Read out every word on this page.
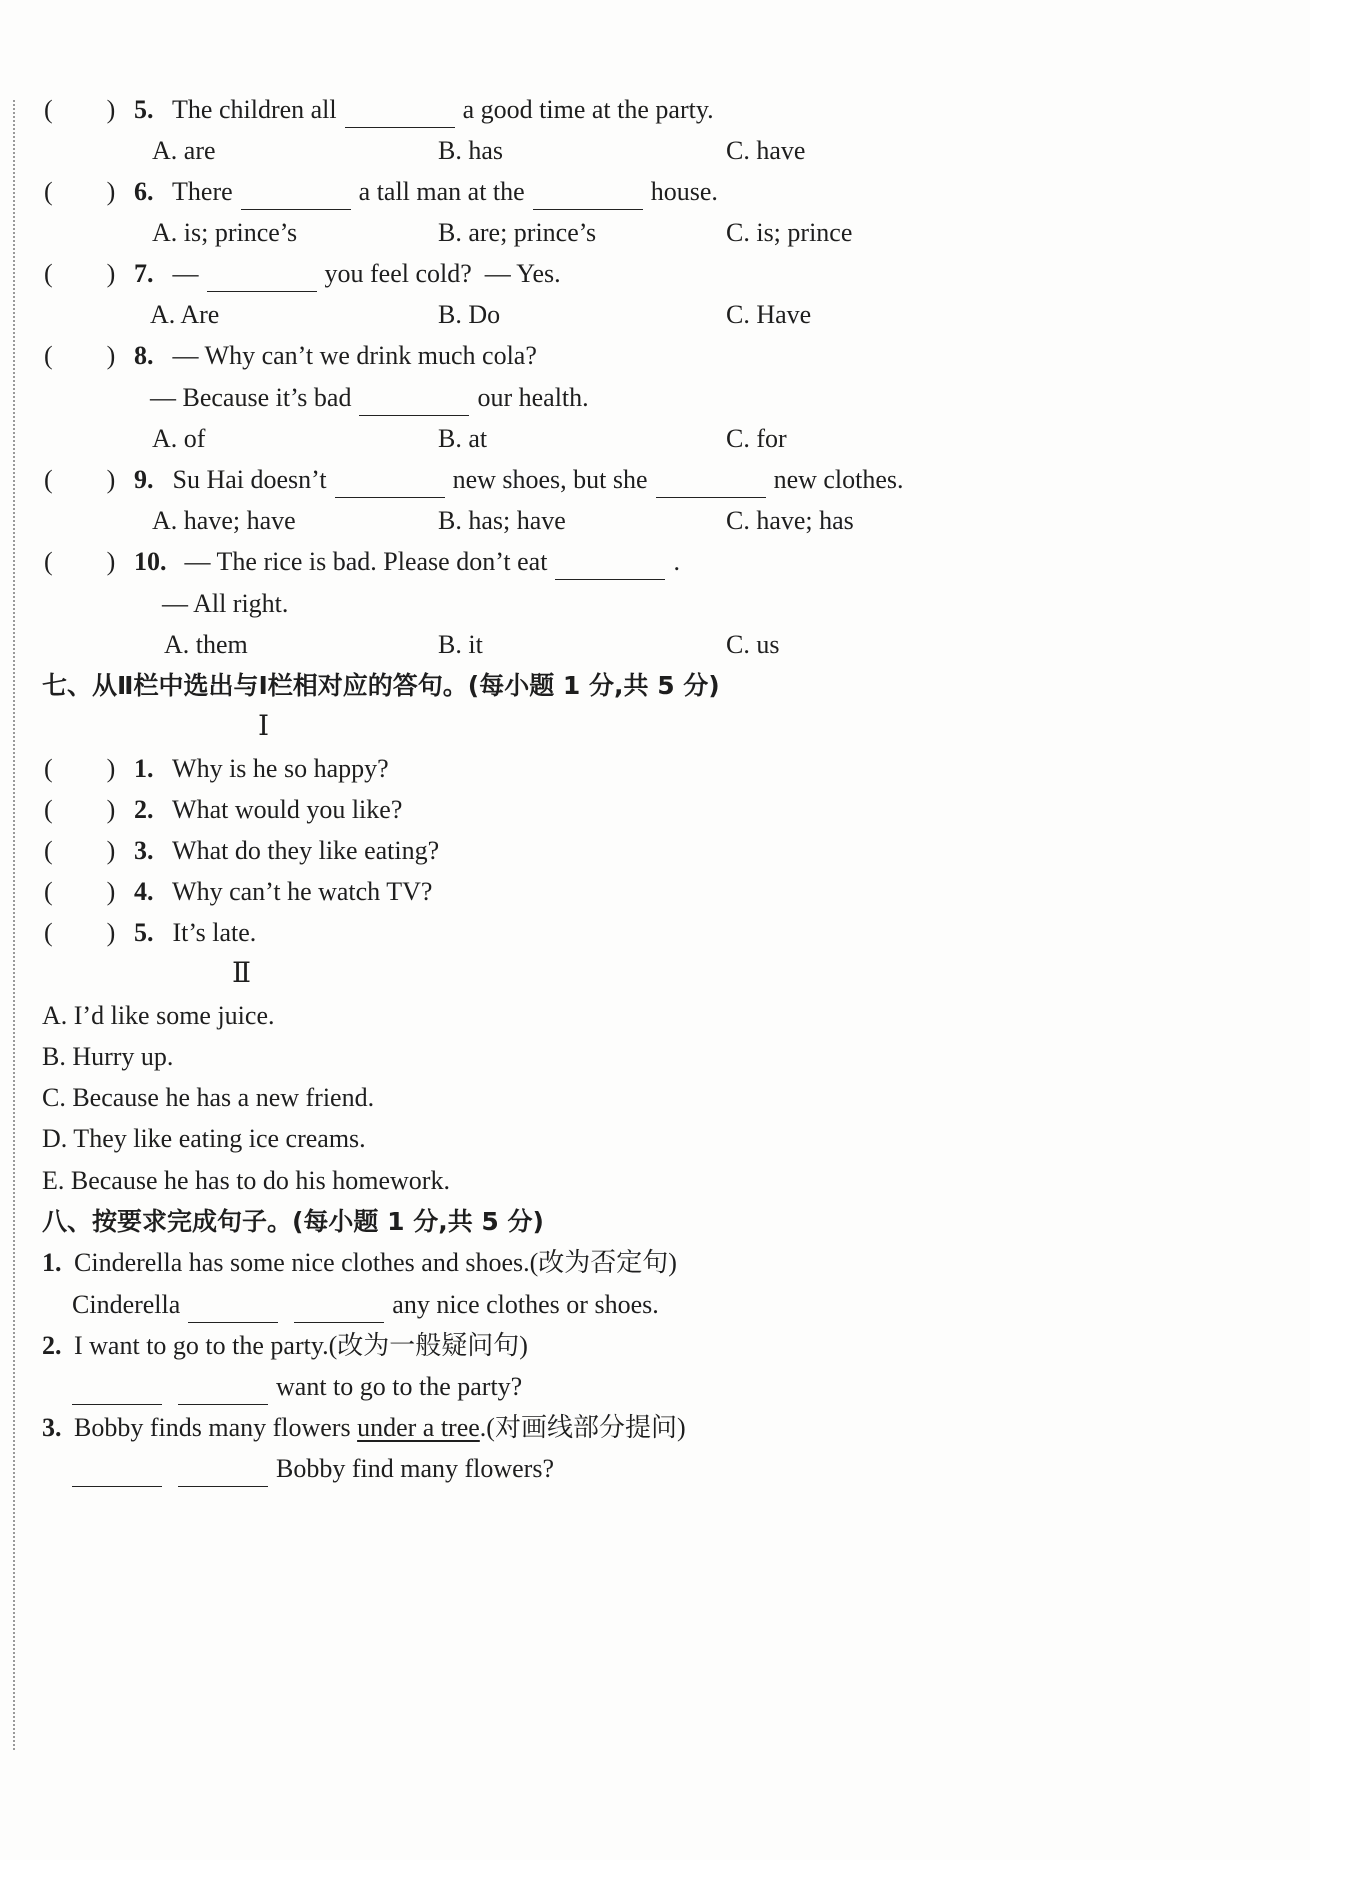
( ) 5. The children all	a good time at the party.
A. are	B. has	C. have
( ) 6. There	a tall man at the	house.
A. is; prince’s	B. are; prince’s	C. is; prince
( ) 7. —	you feel cold? — Yes.
A. Are	B. Do	C. Have
( ) 8. — Why can’t we drink much cola?
— Because it’s bad	our health.
A. of	B. at	C. for
( ) 9. Su Hai doesn’t	new shoes, but she	new clothes.
A. have; have	B. has; have	C. have; has
( ) 10. — The rice is bad. Please don’t eat	.
— All right.
A. them	B. it	C. us
七、从Ⅱ栏中选出与Ⅰ栏相对应的答句。(每小题 1 分,共 5 分)
Ⅰ
( ) 1. Why is he so happy?
( ) 2. What would you like?
( ) 3. What do they like eating?
( ) 4. Why can’t he watch TV?
( ) 5. It’s late.
Ⅱ
A. I’d like some juice.
B. Hurry up.
C. Because he has a new friend.
D. They like eating ice creams.
E. Because he has to do his homework.
八、按要求完成句子。(每小题 1 分,共 5 分)
1. Cinderella has some nice clothes and shoes.(改为否定句)
Cinderella	any nice clothes or shoes.
2. I want to go to the party.(改为一般疑问句)
want to go to the party?
3. Bobby finds many flowers under a tree.(对画线部分提问)
Bobby find many flowers?
